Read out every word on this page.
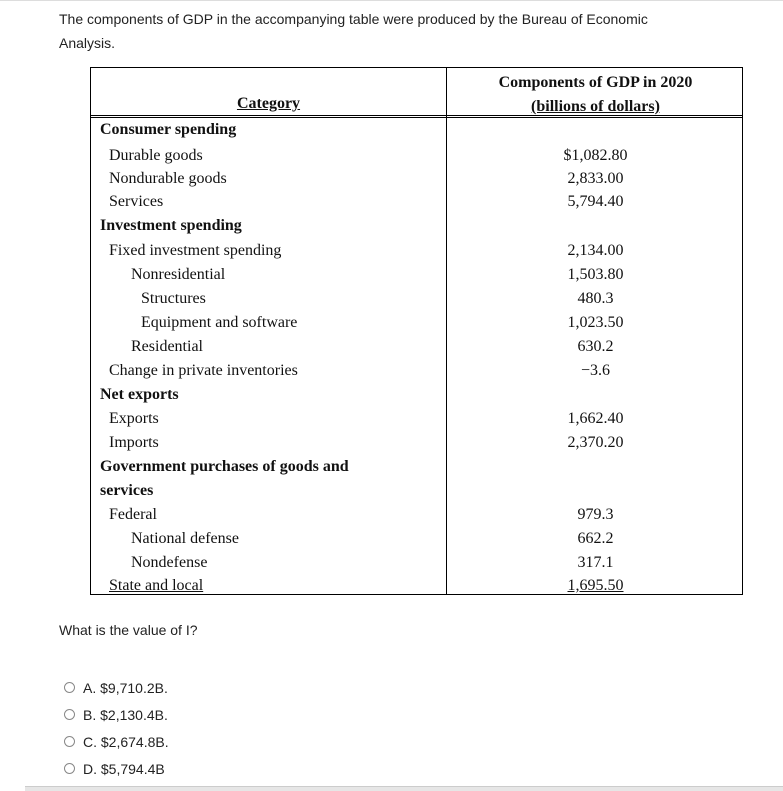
The components of GDP in the accompanying table were produced by the Bureau of Economic Analysis.
Category
Components of GDP in 2020
(billions of dollars)
Consumer spending
Durable goods	$1,082.80
Nondurable goods	2,833.00
Services	5,794.40
Investment spending
Fixed investment spending	2,134.00
Nonresidential	1,503.80
Structures	480.3
Equipment and software	1,023.50
Residential	630.2
Change in private inventories	−3.6
Net exports
Exports	1,662.40
Imports	2,370.20
Government purchases of goods and
services
Federal	979.3
National defense	662.2
Nondefense	317.1
State and local	1,695.50
What is the value of I?
A.
$9,710.2B.
B.
$2,130.4B.
C.
$2,674.8B.
D.
$5,794.4B
